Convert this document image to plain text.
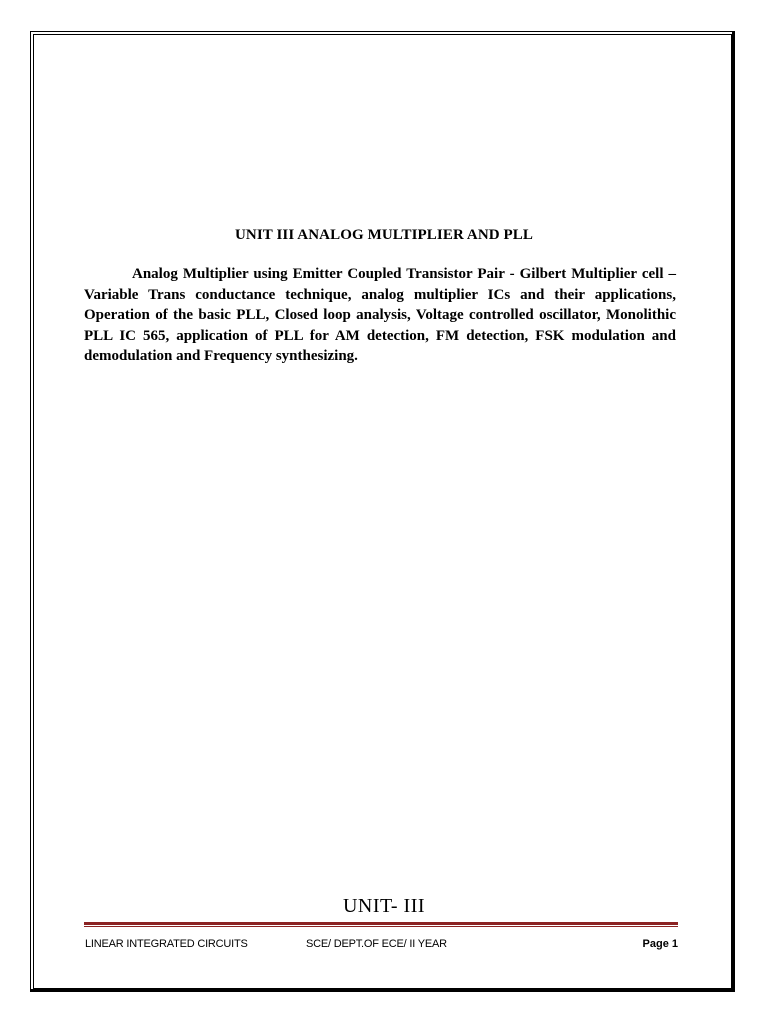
UNIT III ANALOG MULTIPLIER AND PLL

Analog Multiplier using Emitter Coupled Transistor Pair - Gilbert Multiplier cell – Variable Trans conductance technique, analog multiplier ICs and their applications, Operation of the basic PLL, Closed loop analysis, Voltage controlled oscillator, Monolithic PLL IC 565, application of PLL for AM detection, FM detection, FSK modulation and demodulation and Frequency synthesizing.

UNIT- III
LINEAR INTEGRATED CIRCUITS	SCE/ DEPT.OF ECE/ II YEAR	Page 1
